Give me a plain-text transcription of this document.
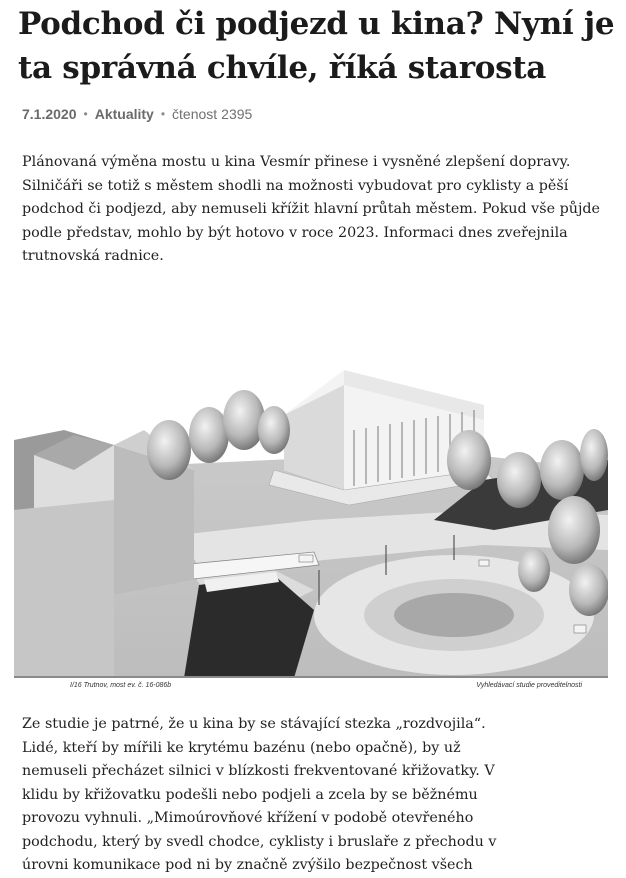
Podchod či podjezd u kina? Nyní je ta správná chvíle, říká starosta
7.1.2020 • Aktuality • čtenost 2395

Plánovaná výměna mostu u kina Vesmír přinese i vysněné zlepšení dopravy. Silničáři se totiž s městem shodli na možnosti vybudovat pro cyklisty a pěší podchod či podjezd, aby nemuseli křížit hlavní průtah městem. Pokud vše půjde podle představ, mohlo by být hotovo v roce 2023. Informaci dnes zveřejnila trutnovská radnice.

I/16 Trutnov, most ev. č. 16-086b	Vyhledávací studie proveditelnosti

Ze studie je patrné, že u kina by se stávající stezka „rozdvojila“. Lidé, kteří by mířili ke krytému bazénu (nebo opačně), by už nemuseli přecházet silnici v blízkosti frekventované křižovatky. V klidu by křižovatku podešli nebo podjeli a zcela by se běžnému provozu vyhnuli. „Mimoúrovňové křížení v podobě otevřeného podchodu, který by svedl chodce, cyklisty i bruslaře z přechodu v úrovni komunikace pod ni by značně zvýšilo bezpečnost všech
